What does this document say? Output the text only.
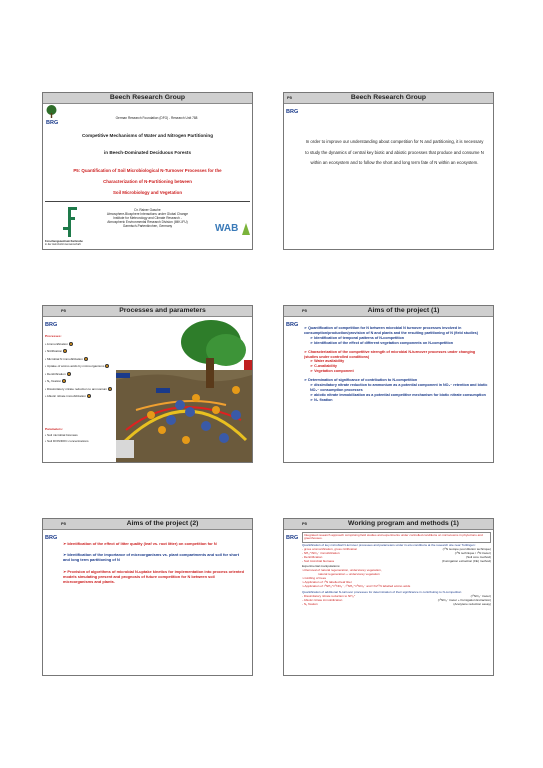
Beech Research Group
BRG
German Research Foundation (DFG) - Research Unit 788
Competitive Mechanisms of Water and Nitrogen Partitioning
in Beech-Dominated Deciduous Forests
P5: Quantification of Soil Microbiological N-Turnover Processes for the
Characterization of N-Partitioning between
Soil Microbiology and Vegetation
Dr. Rainer Gasche
Atmosphere-Biosphere Interactions under Global Change
Institute for Meteorology and Climate Research -
Atmospheric Environmental Research Division (IMK-IFU)
Garmisch-Partenkirchen, Germany
Forschungszentrum Karlsruhe
in der Helmholtz-Gemeinschaft
WAB
P5	Beech Research Group
BRG
In order to improve our understanding about competition for N and partitioning, it is necessary to study the dynamics of central key biotic and abiotic processes that produce and consume N within an ecosystem and to follow the short and long term fate of N within an ecosystem.
P5	Processes and parameters
BRG
Processes:
• Ammonification
• Nitrification
• Microbial N immobilization
• Uptake of amino acids by microorganisms
• Denitrification
• N₂ fixation
• Dissimilatory nitrate reduction to ammonium
• Abiotic nitrate immobilization
Parameters:
• Soil microbial biomass
• Soil DON/DOC concentrations
P5	Aims of the project (1)
BRG ➢ Quantification of competition for N between microbial N turnover processes involved in consumption/production/provision of N and plants and the resulting partitioning of N (field studies)
➢ Identification of temporal patterns of N-competition
➢ Identification of the effect of different vegetation components on N-competition
➢ Characterization of the competitive strength of microbial N-turnover processes under changing (studies under controlled conditions)
➢ Water availability
➢ C-availability
➢ Vegetation component
➢ Determination of significance of contribution to N-competition
➢ dissimilatory nitrate reduction to ammonium as a potential component in NO₃⁻ retention and biotic NO₃⁻ consumption processes
➢ abiotic nitrate immobilization as a potential competitive mechanism for biotic nitrate consumption
➢ N₂ fixation
P5	Aims of the project (2)
BRG
➢ Identification of the effect of litter quality (leaf vs. root litter) on competition for N
➢ Identification of the importance of microorganisms vs. plant compartments and soil for short and long term partitioning of N
➢ Provision of algorithms of microbial N-uptake kinetics for implementation into process oriented models simulating present and prognosis of future competition for N between soil microorganisms and plants.
P5	Working program and methods (1)
BRG
Integrated research approach comprising field studies and experiments under controlled conditions on microcosms in phytotrons and greenhouses.
Quantification of key microbial N-turnover processes and parameters under in-situ conditions at the research site near Tuttlingen:
- gross ammonification, gross nitrification	(¹⁵N isotope pool dilution technique)
- NH₄⁺/NO₃⁻ immobilization	(¹⁵N technique / ¹⁵N tracer)
- Denitrification	(Soil core method)
- Soil microbial biomass	(Fumigation extraction (FE) method)
Experimental manipulations:
➢Removal of natural regeneration, understorey vegetation,
natural regeneration + understorey vegetation
➢Girdling of trees
➢Application of ¹⁵N labelled leaf litter
➢Application of ¹⁵NH₄⁺/¹⁵NO₃⁻, ¹⁵NH₄⁺/¹⁵NO₃⁻ and ¹³C/¹⁵N labelled amino acids
Quantification of additional N-turnover processes for determination of their significance in contributing to N-competition
- Dissimilatory nitrate reduction to NH₄⁺	(¹⁵NO₃⁻ tracer)
- Abiotic nitrate immobilization	(¹⁵NO₃⁻ tracer + Fumigation Extraction)
- N₂ fixation	(Acetylene reduction assay)
